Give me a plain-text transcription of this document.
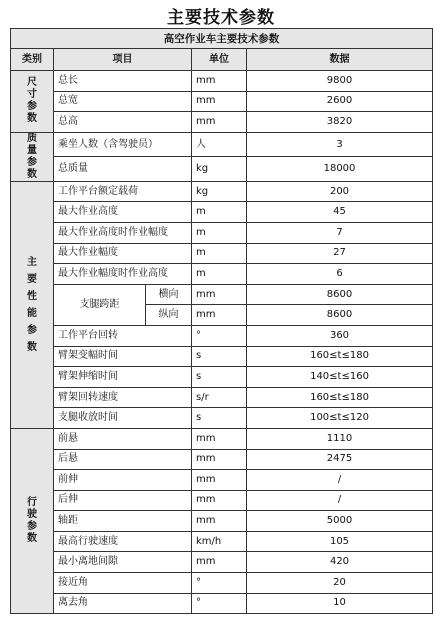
主要技术参数
高空作业车主要技术参数				
类别	项目		单位	数据
尺寸参数	总长		mm	9800
	总宽		mm	2600
	总高		mm	3820
质量参数	乘坐人数（含驾驶员）		人	3
	总质量		kg	18000
主要性能参数	工作平台额定载荷		kg	200
	最大作业高度		m	45
	最大作业高度时作业幅度		m	7
	最大作业幅度		m	27
	最大作业幅度时作业高度		m	6
	支腿跨距	横向	mm	8600
		纵向	mm	8600
	工作平台回转		°	360
	臂架变幅时间		s	160≤t≤180
	臂架伸缩时间		s	140≤t≤160
	臂架回转速度		s/r	160≤t≤180
	支腿收放时间		s	100≤t≤120
行驶参数	前悬		mm	1110
	后悬		mm	2475
	前伸		mm	/
	后伸		mm	/
	轴距		mm	5000
	最高行驶速度		km/h	105
	最小离地间隙		mm	420
	接近角		°	20
	离去角		°	10
